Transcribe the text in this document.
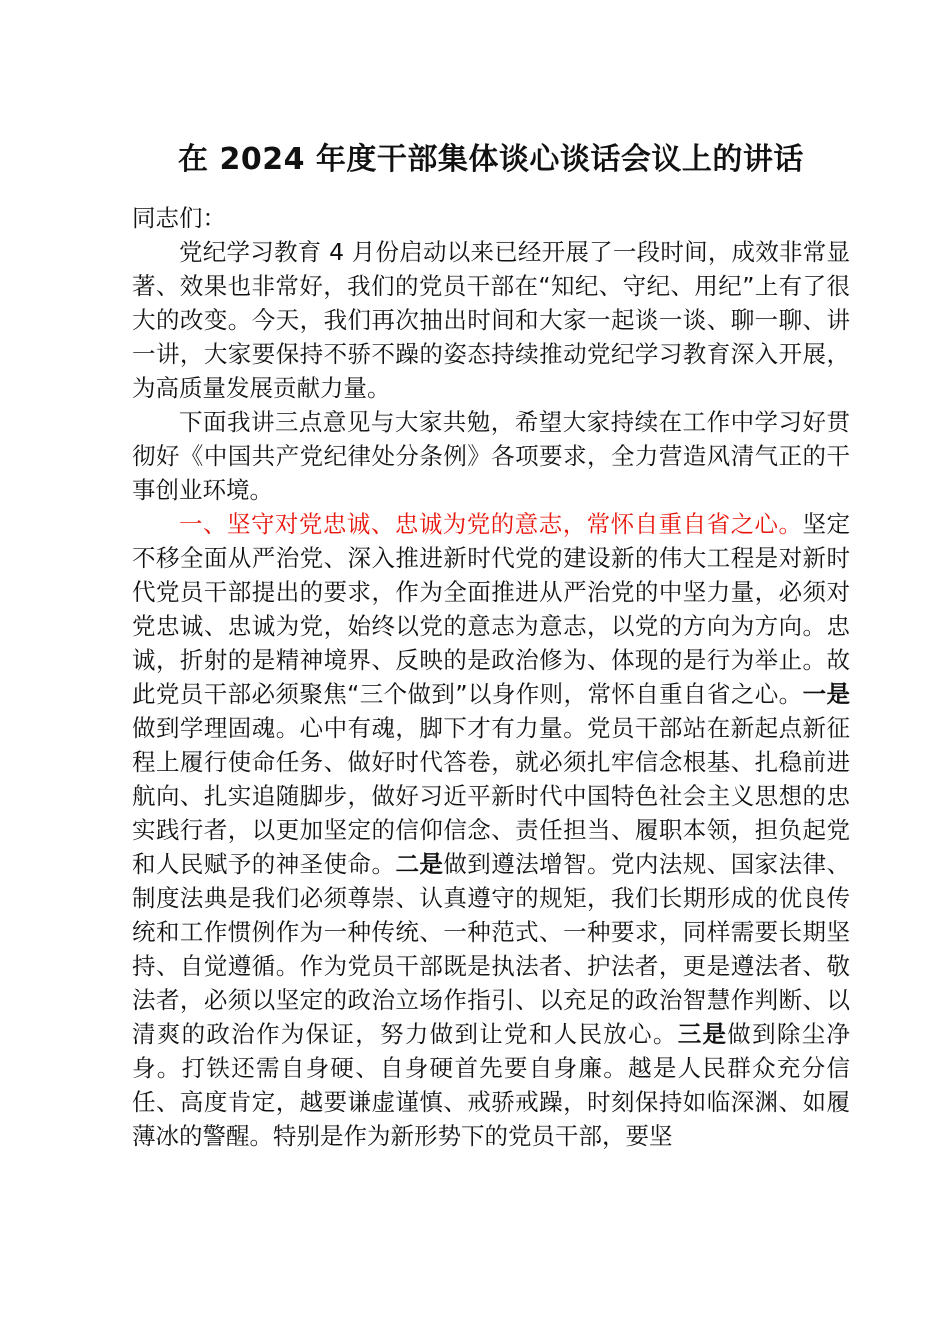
在 2024 年度干部集体谈心谈话会议上的讲话

同志们：

党纪学习教育 4 月份启动以来已经开展了一段时间，成效非常显著、效果也非常好，我们的党员干部在“知纪、守纪、用纪”上有了很大的改变。今天，我们再次抽出时间和大家一起谈一谈、聊一聊、讲一讲，大家要保持不骄不躁的姿态持续推动党纪学习教育深入开展，为高质量发展贡献力量。

下面我讲三点意见与大家共勉，希望大家持续在工作中学习好贯彻好《中国共产党纪律处分条例》各项要求，全力营造风清气正的干事创业环境。

一、坚守对党忠诚、忠诚为党的意志，常怀自重自省之心。坚定不移全面从严治党、深入推进新时代党的建设新的伟大工程是对新时代党员干部提出的要求，作为全面推进从严治党的中坚力量，必须对党忠诚、忠诚为党，始终以党的意志为意志，以党的方向为方向。忠诚，折射的是精神境界、反映的是政治修为、体现的是行为举止。故此党员干部必须聚焦“三个做到”以身作则，常怀自重自省之心。一是做到学理固魂。心中有魂，脚下才有力量。党员干部站在新起点新征程上履行使命任务、做好时代答卷，就必须扎牢信念根基、扎稳前进航向、扎实追随脚步，做好习近平新时代中国特色社会主义思想的忠实践行者，以更加坚定的信仰信念、责任担当、履职本领，担负起党和人民赋予的神圣使命。二是做到遵法增智。党内法规、国家法律、制度法典是我们必须尊崇、认真遵守的规矩，我们长期形成的优良传统和工作惯例作为一种传统、一种范式、一种要求，同样需要长期坚持、自觉遵循。作为党员干部既是执法者、护法者，更是遵法者、敬法者，必须以坚定的政治立场作指引、以充足的政治智慧作判断、以清爽的政治作为保证，努力做到让党和人民放心。三是做到除尘净身。打铁还需自身硬、自身硬首先要自身廉。越是人民群众充分信任、高度肯定，越要谦虚谨慎、戒骄戒躁，时刻保持如临深渊、如履薄冰的警醒。特别是作为新形势下的党员干部，要坚
